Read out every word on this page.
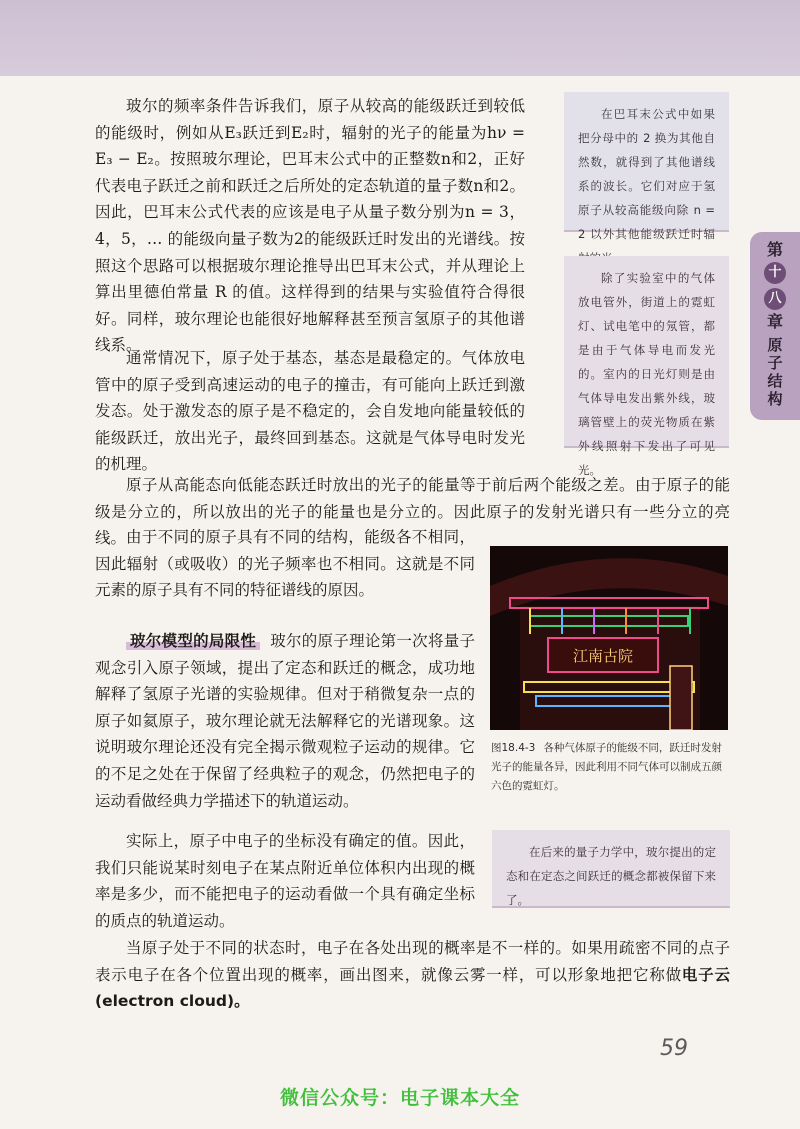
第
十
八
章
原子结构

玻尔的频率条件告诉我们，原子从较高的能级跃迁到较低的能级时，例如从E₃跃迁到E₂时，辐射的光子的能量为hν = E₃ − E₂。按照玻尔理论，巴耳末公式中的正整数n和2，正好代表电子跃迁之前和跃迁之后所处的定态轨道的量子数n和2。因此，巴耳末公式代表的应该是电子从量子数分别为n = 3，4，5，… 的能级向量子数为2的能级跃迁时发出的光谱线。按照这个思路可以根据玻尔理论推导出巴耳末公式，并从理论上算出里德伯常量 R 的值。这样得到的结果与实验值符合得很好。同样，玻尔理论也能很好地解释甚至预言氢原子的其他谱线系。

在巴耳末公式中如果把分母中的 2 换为其他自然数，就得到了其他谱线系的波长。它们对应于氢原子从较高能级向除 n = 2 以外其他能级跃迁时辐
除了实验室中的气体放电管外，街道上的霓虹灯、试电笔中的氖管，都是由于气体导电而发光的。室内的日光灯则是由气体导电发出紫外线，玻璃管壁上的荧光物质在紫外线照射下发出了可见光。

通常情况下，原子处于基态，基态是最稳定的。气体放电管中的原子受到高速运动的电子的撞击，有可能向上跃迁到激发态。处于激发态的原子是不稳定的，会自发地向能量较低的能级跃迁，放出光子，最终回到基态。这就是气体导电时发光的机理。

原子从高能态向低能态跃迁时放出的光子的能量等于前后两个能级之差。由于原子的能级是分立的，所以放出的光子的能量也是分立的。因此原子的发射光谱只有一些分立的亮线。 由于不同的原子具有不同的结构，能级各不相同，因此辐射（或吸收）的光子频率也不相同。这就是不同元素的原子具有不同的特征谱线的原因。

江南古院
图18.4-3 各种气体原子的能级不同，跃迁时发射光子的能量各异，因此利用不同气体可以制成五颜六色的霓虹灯。

玻尔模型的局限性 玻尔的原子理论第一次将量子观念引入原子领域，提出了定态和跃迁的概念，成功地解释了氢原子光谱的实验规律。但对于稍微复杂一点的原子如氦原子，玻尔理论就无法解释它的光谱现象。这说明玻尔理论还没有完全揭示微观粒子运动的规律。它的不足之处在于保留了经典粒子的观念，仍然把电子的运动看做经典力学描述下的轨道运动。

在后来的量子力学中，玻尔提出的定态和在定态之间跃迁的概念都被保留下来了。

实际上，原子中电子的坐标没有确定的值。因此，我们只能说某时刻电子在某点附近单位体积内出现的概率是多少，而不能把电子的运动看做一个具有确定坐标的质点的轨道运动。

当原子处于不同的状态时，电子在各处出现的概率是不一样的。如果用疏密不同的点子表示电子在各个位置出现的概率，画出图来，就像云雾一样，可以形象地把它称做电子云(electron cloud)。

59
微信公众号：电子课本大全
